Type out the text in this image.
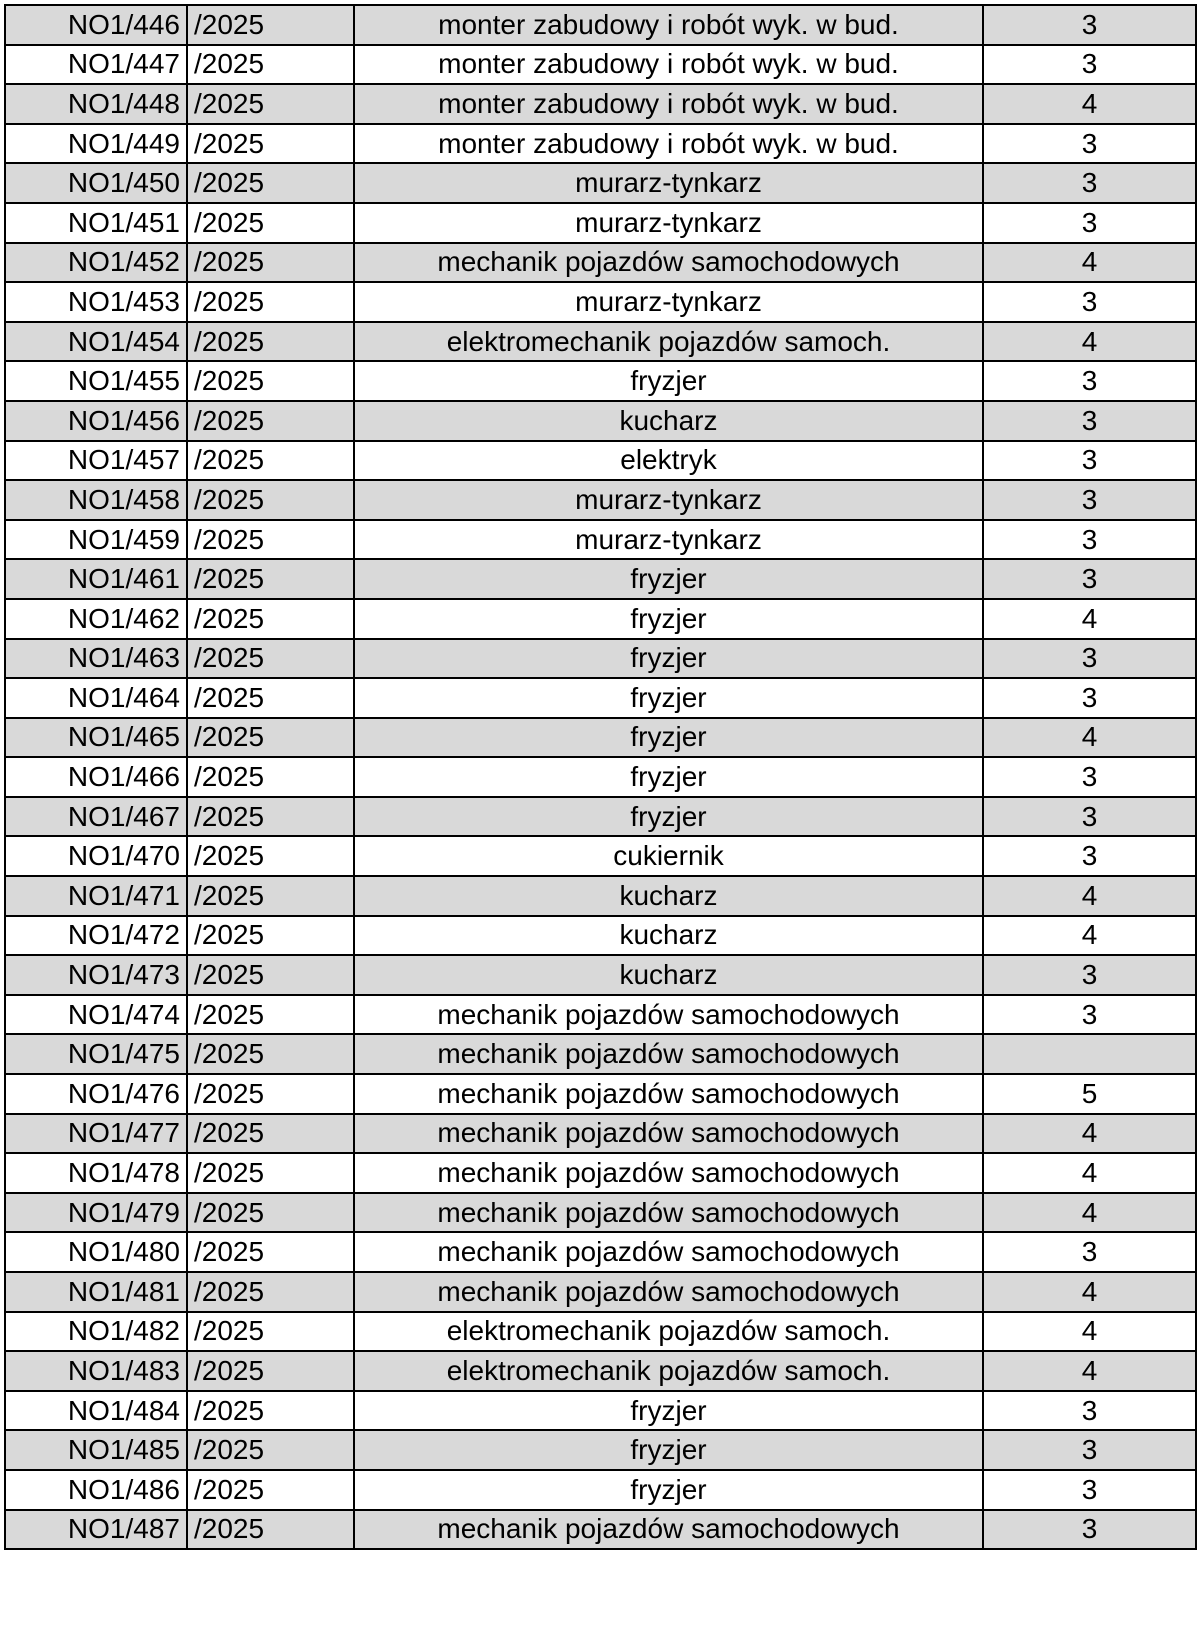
NO1/446	/2025	monter zabudowy i robót wyk. w bud.	3
NO1/447	/2025	monter zabudowy i robót wyk. w bud.	3
NO1/448	/2025	monter zabudowy i robót wyk. w bud.	4
NO1/449	/2025	monter zabudowy i robót wyk. w bud.	3
NO1/450	/2025	murarz-tynkarz	3
NO1/451	/2025	murarz-tynkarz	3
NO1/452	/2025	mechanik pojazdów samochodowych	4
NO1/453	/2025	murarz-tynkarz	3
NO1/454	/2025	elektromechanik pojazdów samoch.	4
NO1/455	/2025	fryzjer	3
NO1/456	/2025	kucharz	3
NO1/457	/2025	elektryk	3
NO1/458	/2025	murarz-tynkarz	3
NO1/459	/2025	murarz-tynkarz	3
NO1/461	/2025	fryzjer	3
NO1/462	/2025	fryzjer	4
NO1/463	/2025	fryzjer	3
NO1/464	/2025	fryzjer	3
NO1/465	/2025	fryzjer	4
NO1/466	/2025	fryzjer	3
NO1/467	/2025	fryzjer	3
NO1/470	/2025	cukiernik	3
NO1/471	/2025	kucharz	4
NO1/472	/2025	kucharz	4
NO1/473	/2025	kucharz	3
NO1/474	/2025	mechanik pojazdów samochodowych	3
NO1/475	/2025	mechanik pojazdów samochodowych	
NO1/476	/2025	mechanik pojazdów samochodowych	5
NO1/477	/2025	mechanik pojazdów samochodowych	4
NO1/478	/2025	mechanik pojazdów samochodowych	4
NO1/479	/2025	mechanik pojazdów samochodowych	4
NO1/480	/2025	mechanik pojazdów samochodowych	3
NO1/481	/2025	mechanik pojazdów samochodowych	4
NO1/482	/2025	elektromechanik pojazdów samoch.	4
NO1/483	/2025	elektromechanik pojazdów samoch.	4
NO1/484	/2025	fryzjer	3
NO1/485	/2025	fryzjer	3
NO1/486	/2025	fryzjer	3
NO1/487	/2025	mechanik pojazdów samochodowych	3
